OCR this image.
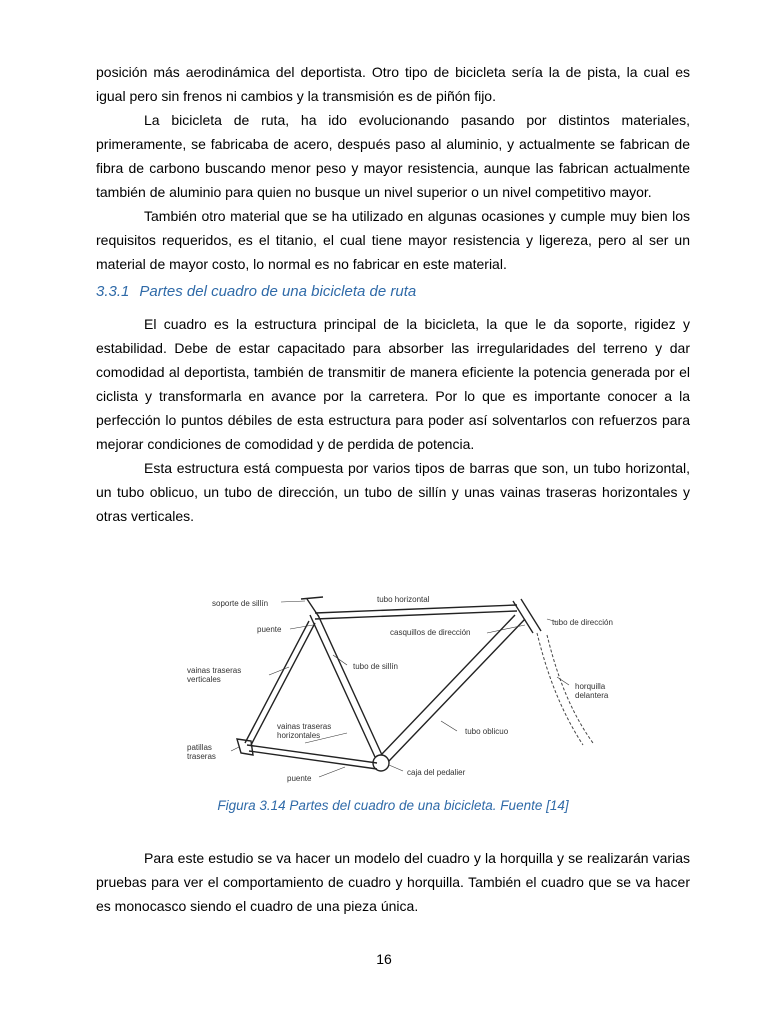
posición más aerodinámica del deportista. Otro tipo de bicicleta sería la de pista, la cual es igual pero sin frenos ni cambios y la transmisión es de piñón fijo.

La bicicleta de ruta, ha ido evolucionando pasando por distintos materiales, primeramente, se fabricaba de acero, después paso al aluminio, y actualmente se fabrican de fibra de carbono buscando menor peso y mayor resistencia, aunque las fabrican actualmente también de aluminio para quien no busque un nivel superior o un nivel competitivo mayor.

También otro material que se ha utilizado en algunas ocasiones y cumple muy bien los requisitos requeridos, es el titanio, el cual tiene mayor resistencia y ligereza, pero al ser un material de mayor costo, lo normal es no fabricar en este material.

3.3.1 Partes del cuadro de una bicicleta de ruta

El cuadro es la estructura principal de la bicicleta, la que le da soporte, rigidez y estabilidad. Debe de estar capacitado para absorber las irregularidades del terreno y dar comodidad al deportista, también de transmitir de manera eficiente la potencia generada por el ciclista y transformarla en avance por la carretera. Por lo que es importante conocer a la perfección lo puntos débiles de esta estructura para poder así solventarlos con refuerzos para mejorar condiciones de comodidad y de perdida de potencia.

Esta estructura está compuesta por varios tipos de barras que son, un tubo horizontal, un tubo oblicuo, un tubo de dirección, un tubo de sillín y unas vainas traseras horizontales y otras verticales.

soporte de sillín	tubo horizontal
tubo de dirección
puente	casquillos de dirección
vainas traseras
verticales
tubo de sillín
horquilla
delantera
vainas traseras
horizontales	tubo oblicuo
patillas
traseras
puente
caja del pedalier
Figura 3.14 Partes del cuadro de una bicicleta. Fuente [14]

Para este estudio se va hacer un modelo del cuadro y la horquilla y se realizarán varias pruebas para ver el comportamiento de cuadro y horquilla. También el cuadro que se va hacer es monocasco siendo el cuadro de una pieza única.

16
